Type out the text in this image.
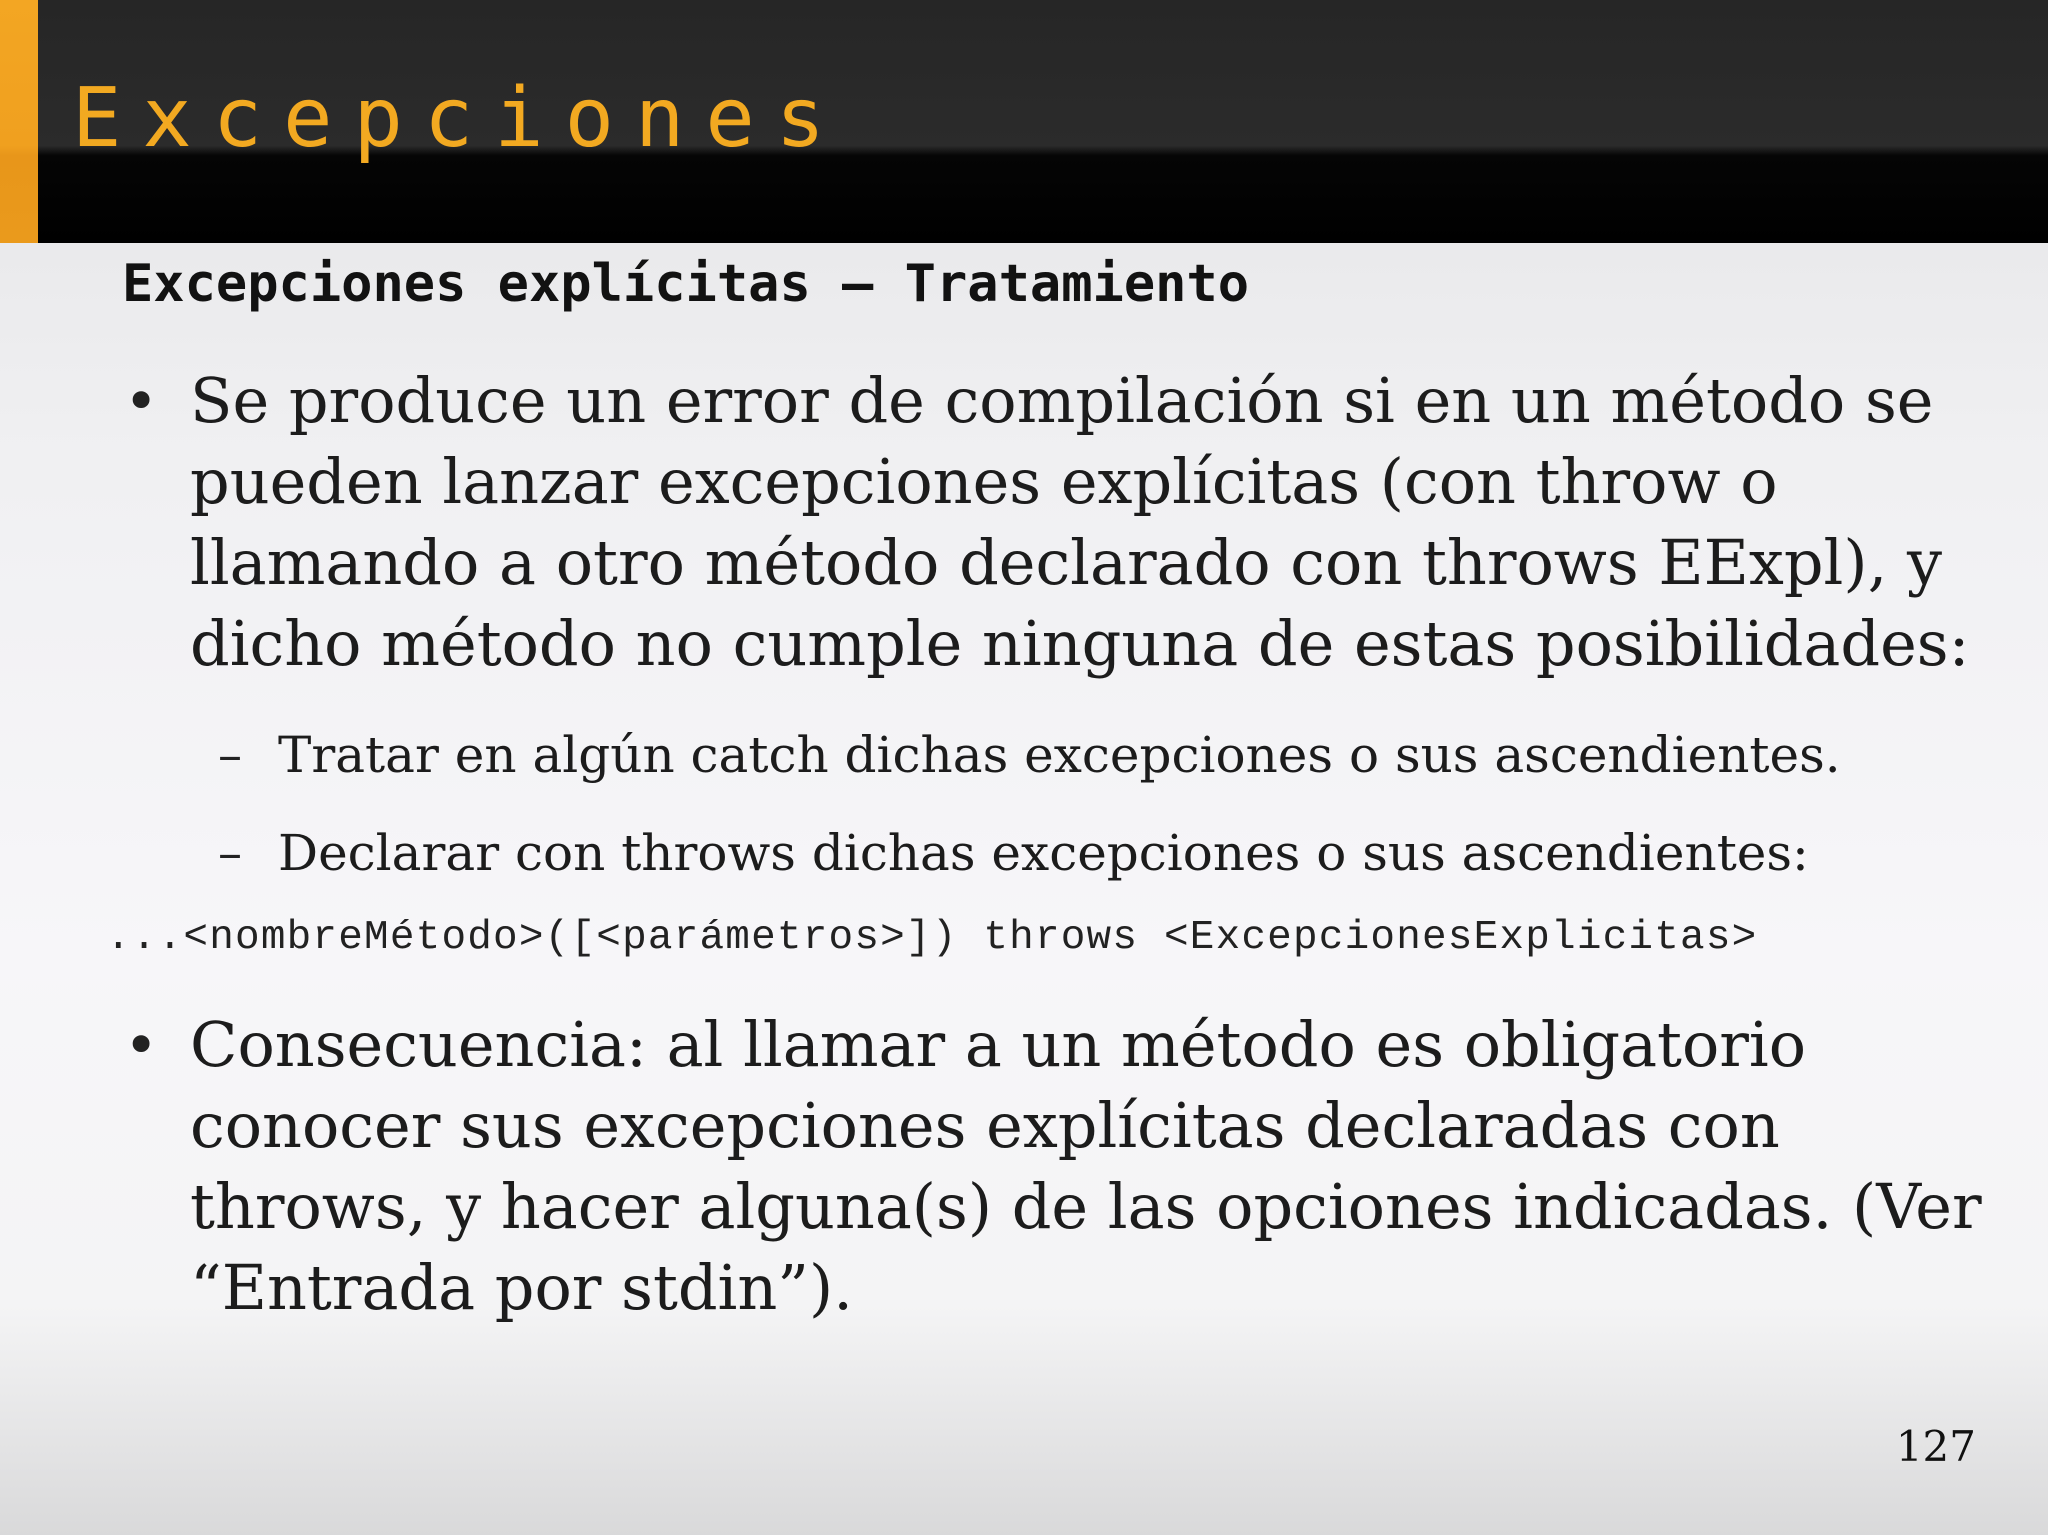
Excepciones
Excepciones explícitas – Tratamiento
• Se produce un error de compilación si en un método se pueden lanzar excepciones explícitas (con throw o llamando a otro método declarado con throws EExpl), y dicho método no cumple ninguna de estas posibilidades:
– Tratar en algún catch dichas excepciones o sus ascendientes.
– Declarar con throws dichas excepciones o sus ascendientes:
...<nombreMétodo>([<parámetros>]) throws <ExcepcionesExplicitas>
• Consecuencia: al llamar a un método es obligatorio conocer sus excepciones explícitas declaradas con throws, y hacer alguna(s) de las opciones indicadas. (Ver “Entrada por stdin”).
127
